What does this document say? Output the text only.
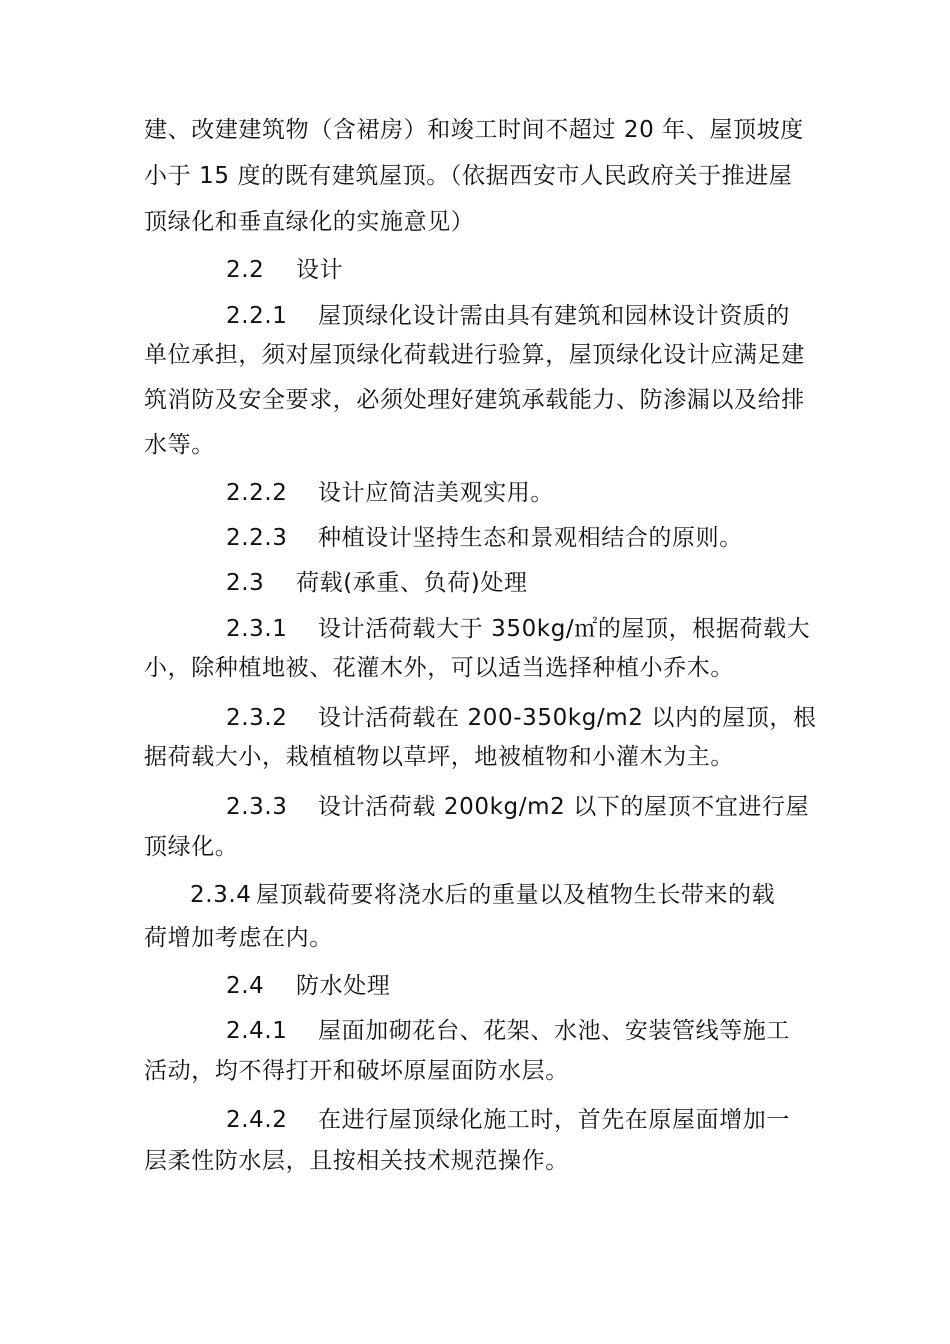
建、改建建筑物（含裙房）和竣工时间不超过 20 年、屋顶坡度
小于 15 度的既有建筑屋顶。（依据西安市人民政府关于推进屋
顶绿化和垂直绿化的实施意见）
2.2 设计
2.2.1 屋顶绿化设计需由具有建筑和园林设计资质的
单位承担，须对屋顶绿化荷载进行验算，屋顶绿化设计应满足建
筑消防及安全要求，必须处理好建筑承载能力、防渗漏以及给排
水等。
2.2.2 设计应简洁美观实用。
2.2.3 种植设计坚持生态和景观相结合的原则。
2.3 荷载(承重、负荷)处理
2.3.1 设计活荷载大于 350kg/㎡的屋顶，根据荷载大
小，除种植地被、花灌木外，可以适当选择种植小乔木。
2.3.2 设计活荷载在 200-350kg/m2 以内的屋顶，根
据荷载大小，栽植植物以草坪，地被植物和小灌木为主。
2.3.3 设计活荷载 200kg/m2 以下的屋顶不宜进行屋
顶绿化。
2.3.4 屋顶载荷要将浇水后的重量以及植物生长带来的载
荷增加考虑在内。
2.4 防水处理
2.4.1 屋面加砌花台、花架、水池、安装管线等施工
活动，均不得打开和破坏原屋面防水层。
2.4.2 在进行屋顶绿化施工时，首先在原屋面增加一
层柔性防水层，且按相关技术规范操作。
